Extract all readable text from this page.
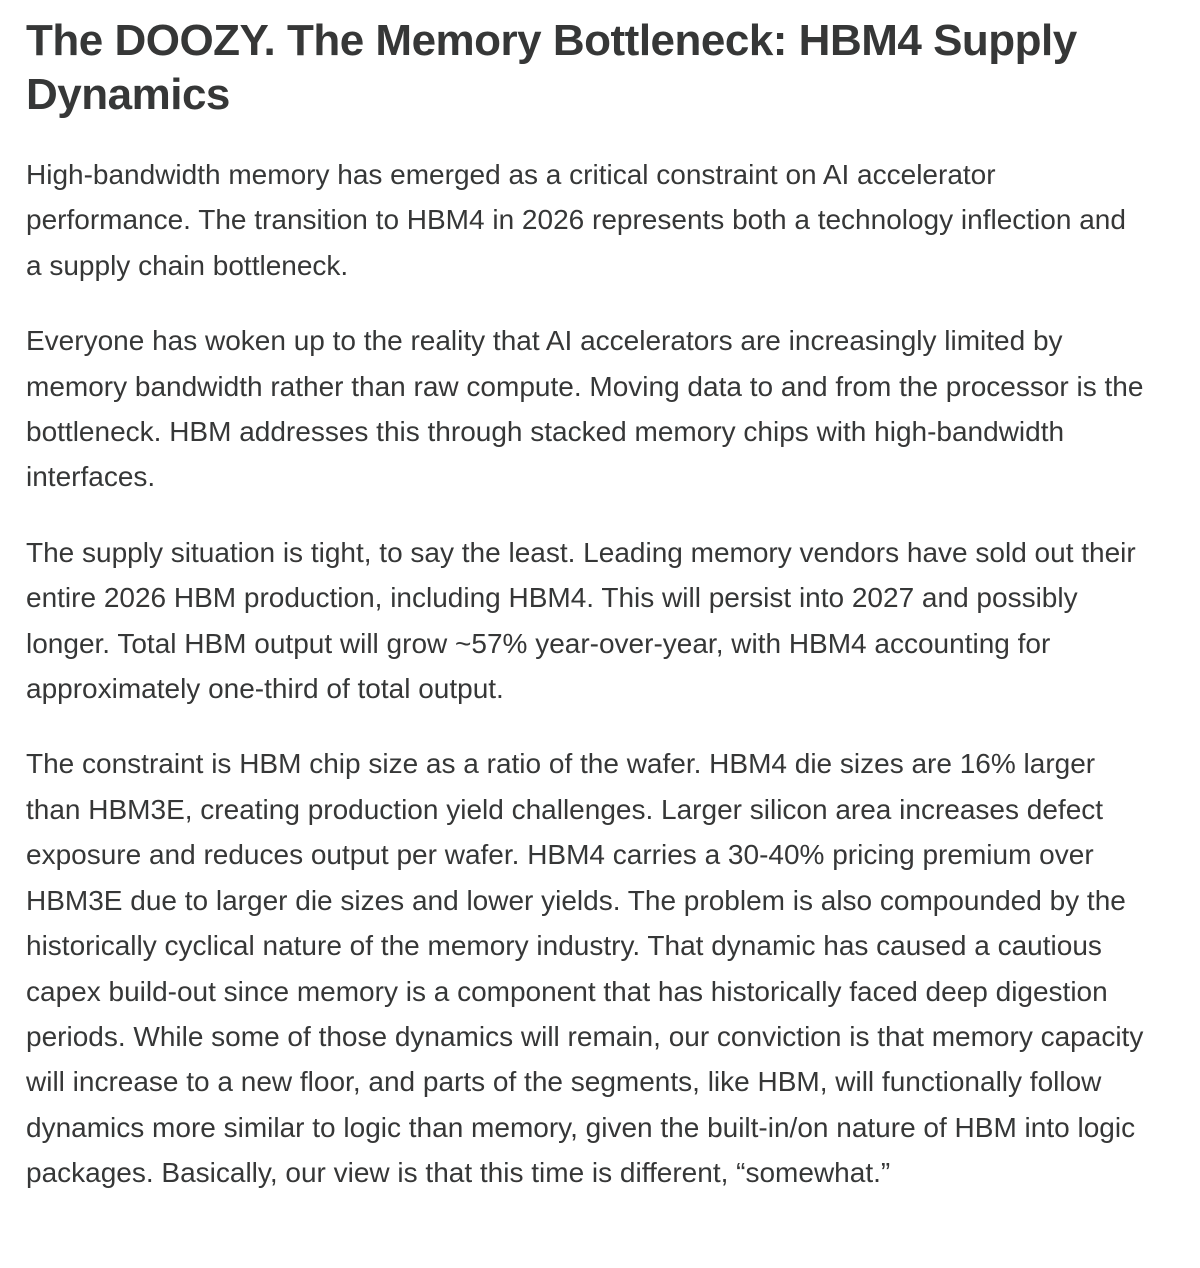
The DOOZY. The Memory Bottleneck: HBM4 Supply Dynamics

High-bandwidth memory has emerged as a critical constraint on AI accelerator performance. The transition to HBM4 in 2026 represents both a technology inflection and a supply chain bottleneck.

Everyone has woken up to the reality that AI accelerators are increasingly limited by memory bandwidth rather than raw compute. Moving data to and from the processor is the bottleneck. HBM addresses this through stacked memory chips with high-bandwidth interfaces.

The supply situation is tight, to say the least. Leading memory vendors have sold out their entire 2026 HBM production, including HBM4. This will persist into 2027 and possibly longer. Total HBM output will grow ~57% year-over-year, with HBM4 accounting for approximately one-third of total output.

The constraint is HBM chip size as a ratio of the wafer. HBM4 die sizes are 16% larger than HBM3E, creating production yield challenges. Larger silicon area increases defect exposure and reduces output per wafer. HBM4 carries a 30-40% pricing premium over HBM3E due to larger die sizes and lower yields. The problem is also compounded by the historically cyclical nature of the memory industry. That dynamic has caused a cautious capex build-out since memory is a component that has historically faced deep digestion periods. While some of those dynamics will remain, our conviction is that memory capacity will increase to a new floor, and parts of the segments, like HBM, will functionally follow dynamics more similar to logic than memory, given the built-in/on nature of HBM into logic packages. Basically, our view is that this time is different, “somewhat.”
